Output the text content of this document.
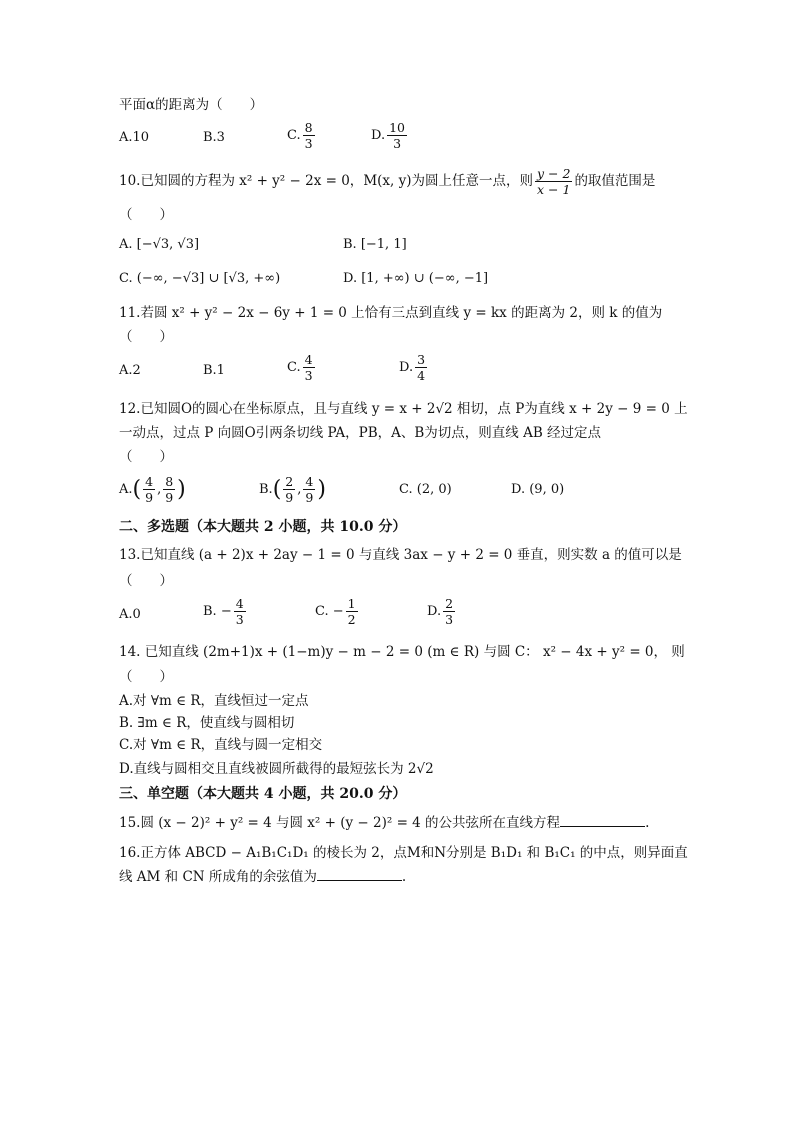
平面α的距离为（　　）
A.10	B.3	C. $\frac{8}{3}$	D. $\frac{10}{3}$
10.已知圆的方程为 x² + y² − 2x = 0，M(x, y)为圆上任意一点，则 $\frac{y - 2}{x - 1}$ 的取值范围是
（　　）
A. [−√3, √3]	B. [−1, 1]
C. (−∞, −√3] ∪ [√3, +∞)	D. [1, +∞) ∪ (−∞, −1]
11.若圆 x² + y² − 2x − 6y + 1 = 0 上恰有三点到直线 y = kx 的距离为 2，则 k 的值为
（　　）
A.2	B.1	C. $\frac{4}{3}$	D. $\frac{3}{4}$
12.已知圆O的圆心在坐标原点，且与直线 y = x + 2√2 相切，点 P为直线 x + 2y − 9 = 0 上
一动点，过点 P 向圆O引两条切线 PA，PB，A、B为切点，则直线 AB 经过定点
（　　）
$A.( \frac{4}{9}$ , $\frac{8}{9}$ )	$B.( \frac{2}{9}$ , $\frac{4}{9}$ )	C. (2, 0)	D. (9, 0)
二、多选题（本大题共 2 小题，共 10.0 分）
13.已知直线 (a + 2)x + 2ay − 1 = 0 与直线 3ax − y + 2 = 0 垂直，则实数 a 的值可以是
（　　）
A.0	B. − $\frac{4}{3}$	C. − $\frac{1}{2}$	D. $\frac{2}{3}$
14. 已知直线 (2m+1)x + (1−m)y − m − 2 = 0 (m ∈ R) 与圆 C： x² − 4x + y² = 0， 则
（　　）
A.对 ∀m ∈ R，直线恒过一定点
B. ∃m ∈ R，使直线与圆相切
C.对 ∀m ∈ R，直线与圆一定相交
D.直线与圆相交且直线被圆所截得的最短弦长为 2√2
三、单空题（本大题共 4 小题，共 20.0 分）
15.圆 (x − 2)² + y² = 4 与圆 x² + (y − 2)² = 4 的公共弦所在直线方程	.
16.正方体 ABCD − A₁B₁C₁D₁ 的棱长为 2，点M和N分别是 B₁D₁ 和 B₁C₁ 的中点，则异面直
线 AM 和 CN 所成角的余弦值为	.
